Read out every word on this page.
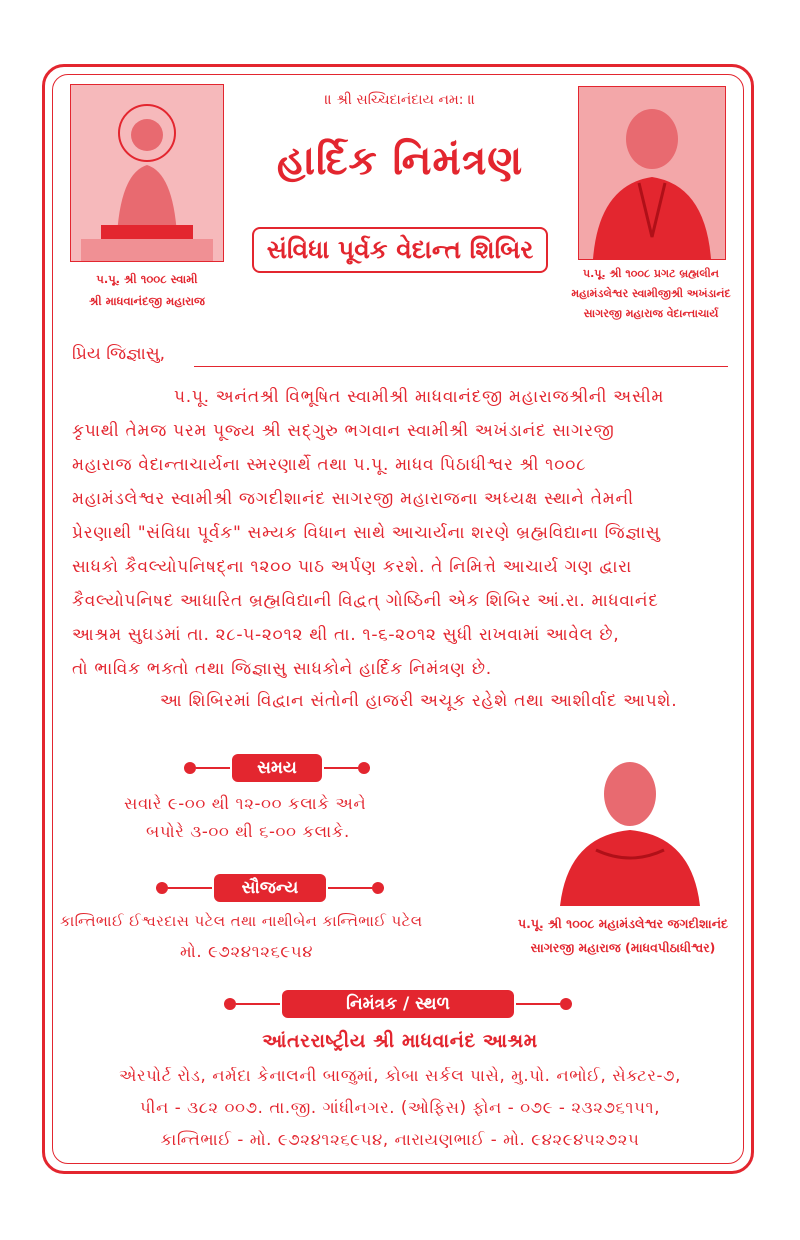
પ.પૂ. શ્રી ૧૦૦૮ સ્વામી
શ્રી માધવાનંદજી મહારાજ
પ.પૂ. શ્રી ૧૦૦૮ પ્રગટ બ્રહ્મલીન
મહામંડલેશ્વર સ્વામીજીશ્રી અખંડાનંદ
સાગરજી મહારાજ વેદાન્તાચાર્ય
॥ શ્રી સચ્ચિદાનંદાય નમ: ॥
હાર્દિક નિમંત્રણ
સંવિધા પૂર્વક વેદાન્ત શિબિર
પ્રિય જિજ્ઞાસુ,
પ.પૂ. અનંતશ્રી વિભૂષિત સ્વામીશ્રી માધવાનંદજી મહારાજશ્રીની અસીમ
કૃપાથી તેમજ પરમ પૂજ્ય શ્રી સદ્ગુરુ ભગવાન સ્વામીશ્રી અખંડાનંદ સાગરજી
મહારાજ વેદાન્તાચાર્યના સ્મરણાર્થે તથા પ.પૂ. માધવ પિઠાધીશ્વર શ્રી ૧૦૦૮
મહામંડલેશ્વર સ્વામીશ્રી જગદીશાનંદ સાગરજી મહારાજના અધ્યક્ષ સ્થાને તેમની
પ્રેરણાથી "સંવિધા પૂર્વક" સમ્યક વિધાન સાથે આચાર્યના શરણે બ્રહ્મવિદ્યાના જિજ્ઞાસુ
સાધકો કૈવલ્યોપનિષદ્ના ૧૨૦૦ પાઠ અર્પણ કરશે. તે નિમિત્તે આચાર્ય ગણ દ્વારા
કૈવલ્યોપનિષદ આધારિત બ્રહ્મવિદ્યાની વિદ્વત્ ગોષ્ઠિની એક શિબિર આં.રા. માધવાનંદ
આશ્રમ સુઘડમાં તા. ૨૮-૫-૨૦૧૨ થી તા. ૧-૬-૨૦૧૨ સુધી રાખવામાં આવેલ છે,
તો ભાવિક ભક્તો તથા જિજ્ઞાસુ સાધકોને હાર્દિક નિમંત્રણ છે.
આ શિબિરમાં વિદ્વાન સંતોની હાજરી અચૂક રહેશે તથા આશીર્વાદ આપશે.
સમય
સવારે ૯-૦૦ થી ૧૨-૦૦ કલાકે અને
બપોરે ૩-૦૦ થી ૬-૦૦ કલાકે.
સૌજન્ય
કાન્તિભાઈ ઈશ્વરદાસ પટેલ તથા નાથીબેન કાન્તિભાઈ પટેલ
મો. ૯૭૨૪૧૨૬૯૫૪
પ.પૂ. શ્રી ૧૦૦૮ મહામંડલેશ્વર જગદીશાનંદ
સાગરજી મહારાજ (માધવપીઠાધીશ્વર)
નિમંત્રક / સ્થળ
આંતરરાષ્ટ્રીય શ્રી માધવાનંદ આશ્રમ
એરપોર્ટ રોડ, નર્મદા કેનાલની બાજુમાં, કોબા સર્કલ પાસે, મુ.પો. નભોઈ, સેક્ટર-૭,
પીન - ૩૮૨ ૦૦૭. તા.જી. ગાંધીનગર. (ઓફિસ) ફોન - ૦૭૯ - ૨૩૨૭૬૧૫૧,
કાન્તિભાઈ - મો. ૯૭૨૪૧૨૬૯૫૪, નારાયણભાઈ - મો. ૯૪૨૯૪૫૨૭૨૫
